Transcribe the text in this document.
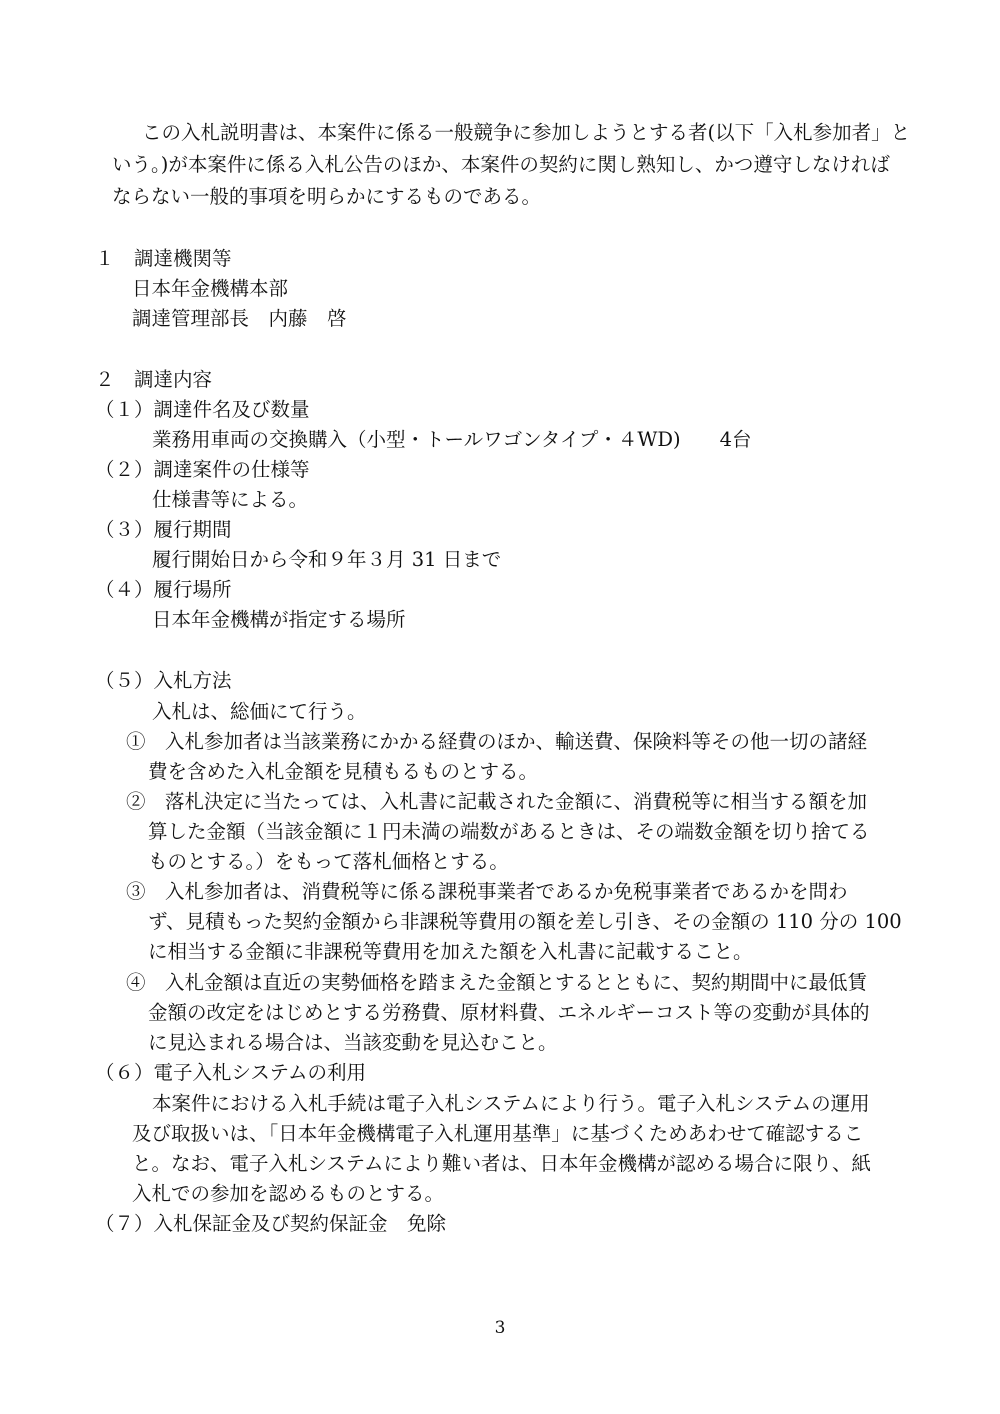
この入札説明書は、本案件に係る一般競争に参加しようとする者(以下「入札参加者」と
いう。)が本案件に係る入札公告のほか、本案件の契約に関し熟知し、かつ遵守しなければ
ならない一般的事項を明らかにするものである。
１　調達機関等
日本年金機構本部
調達管理部長　内藤　啓
２　調達内容
（１）調達件名及び数量
業務用車両の交換購入（小型・トールワゴンタイプ・４WD)　　4台
（２）調達案件の仕様等
仕様書等による。
（３）履行期間
履行開始日から令和９年３月 31 日まで
（４）履行場所
日本年金機構が指定する場所
（５）入札方法
入札は、総価にて行う。
①　入札参加者は当該業務にかかる経費のほか、輸送費、保険料等その他一切の諸経
費を含めた入札金額を見積もるものとする。
②　落札決定に当たっては、入札書に記載された金額に、消費税等に相当する額を加
算した金額（当該金額に１円未満の端数があるときは、その端数金額を切り捨てる
ものとする。）をもって落札価格とする。
③　入札参加者は、消費税等に係る課税事業者であるか免税事業者であるかを問わ
ず、見積もった契約金額から非課税等費用の額を差し引き、その金額の 110 分の 100
に相当する金額に非課税等費用を加えた額を入札書に記載すること。
④　入札金額は直近の実勢価格を踏まえた金額とするとともに、契約期間中に最低賃
金額の改定をはじめとする労務費、原材料費、エネルギーコスト等の変動が具体的
に見込まれる場合は、当該変動を見込むこと。
（６）電子入札システムの利用
本案件における入札手続は電子入札システムにより行う。電子入札システムの運用
及び取扱いは、「日本年金機構電子入札運用基準」に基づくためあわせて確認するこ
と。なお、電子入札システムにより難い者は、日本年金機構が認める場合に限り、紙
入札での参加を認めるものとする。
（７）入札保証金及び契約保証金　免除
3
